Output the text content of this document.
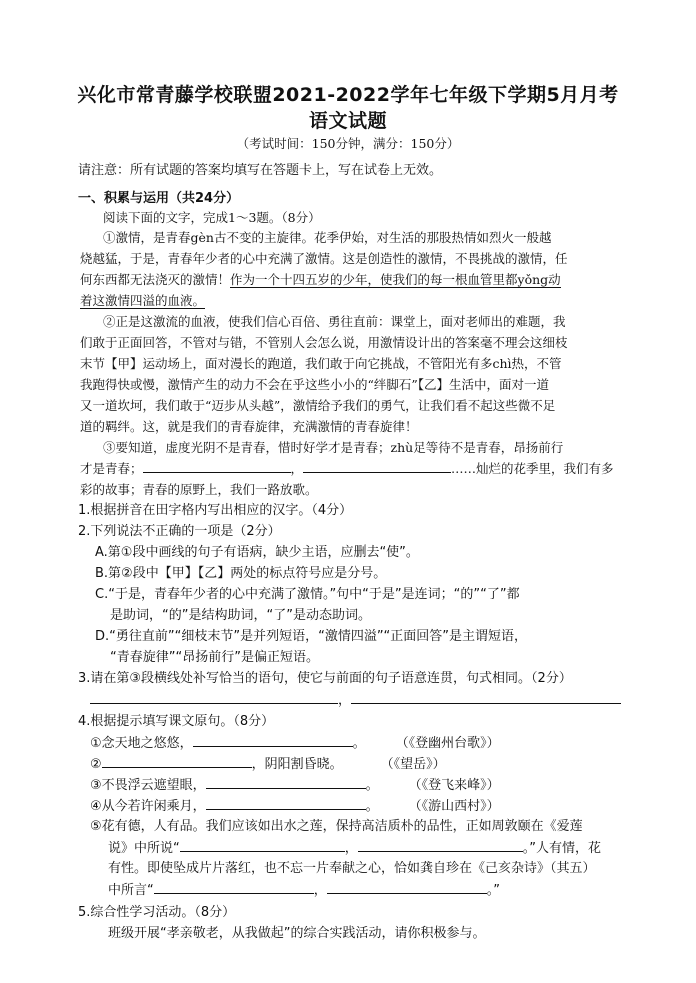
兴化市常青藤学校联盟2021-2022学年七年级下学期5月月考
语文试题
（考试时间：150分钟，满分：150分）
请注意：所有试题的答案均填写在答题卡上，写在试卷上无效。
一、积累与运用（共24分）
阅读下面的文字，完成1～3题。（8分）
①激情，是青春gèn古不变的主旋律。花季伊始，对生活的那股热情如烈火一般越
烧越猛，于是，青春年少者的心中充满了激情。这是创造性的激情，不畏挑战的激情，任
何东西都无法浇灭的激情！作为一个十四五岁的少年，使我们的每一根血管里都yǒng动
着这激情四溢的血液。
②正是这激流的血液，使我们信心百倍、勇往直前：课堂上，面对老师出的难题，我
们敢于正面回答，不管对与错，不管别人会怎么说，用激情设计出的答案毫不理会这细枝
末节【甲】运动场上，面对漫长的跑道，我们敢于向它挑战，不管阳光有多chì热，不管
我跑得快或慢，激情产生的动力不会在乎这些小小的“绊脚石”【乙】生活中，面对一道
又一道坎坷，我们敢于“迈步从头越”，激情给予我们的勇气，让我们看不起这些微不足
道的羁绊。这，就是我们的青春旋律，充满激情的青春旋律！
③要知道，虚度光阴不是青春，惜时好学才是青春；zhù足等待不是青春，昂扬前行
才是青春；	，	……灿烂的花季里，我们有多
彩的故事；青春的原野上，我们一路放歌。
1.根据拼音在田字格内写出相应的汉字。（4分）
2.下列说法不正确的一项是（2分）
A.第①段中画线的句子有语病，缺少主语，应删去“使”。
B.第②段中【甲】【乙】两处的标点符号应是分号。
C.“于是，青春年少者的心中充满了激情。”句中“于是”是连词；“的”“了”都
是助词，“的”是结构助词，“了”是动态助词。
D.“勇往直前”“细枝末节”是并列短语，“激情四溢”“正面回答”是主谓短语，
“青春旋律”“昂扬前行”是偏正短语。
3.请在第③段横线处补写恰当的语句，使它与前面的句子语意连贯，句式相同。（2分）
，
4.根据提示填写课文原句。（8分）
①念天地之悠悠，	。 （《登幽州台歌》）
②	，阴阳割昏晓。	（《望岳》）
③不畏浮云遮望眼，	。 （《登飞来峰》）
④从今若许闲乘月，	。 （《游山西村》）
⑤花有德，人有品。我们应该如出水之莲，保持高洁质朴的品性，正如周敦颐在《爱莲
说》中所说“	，	。”人有情，花
有性。即使坠成片片落红，也不忘一片奉献之心，恰如龚自珍在《己亥杂诗》（其五）
中所言“	，	。”
5.综合性学习活动。（8分）
班级开展“孝亲敬老，从我做起”的综合实践活动，请你积极参与。
